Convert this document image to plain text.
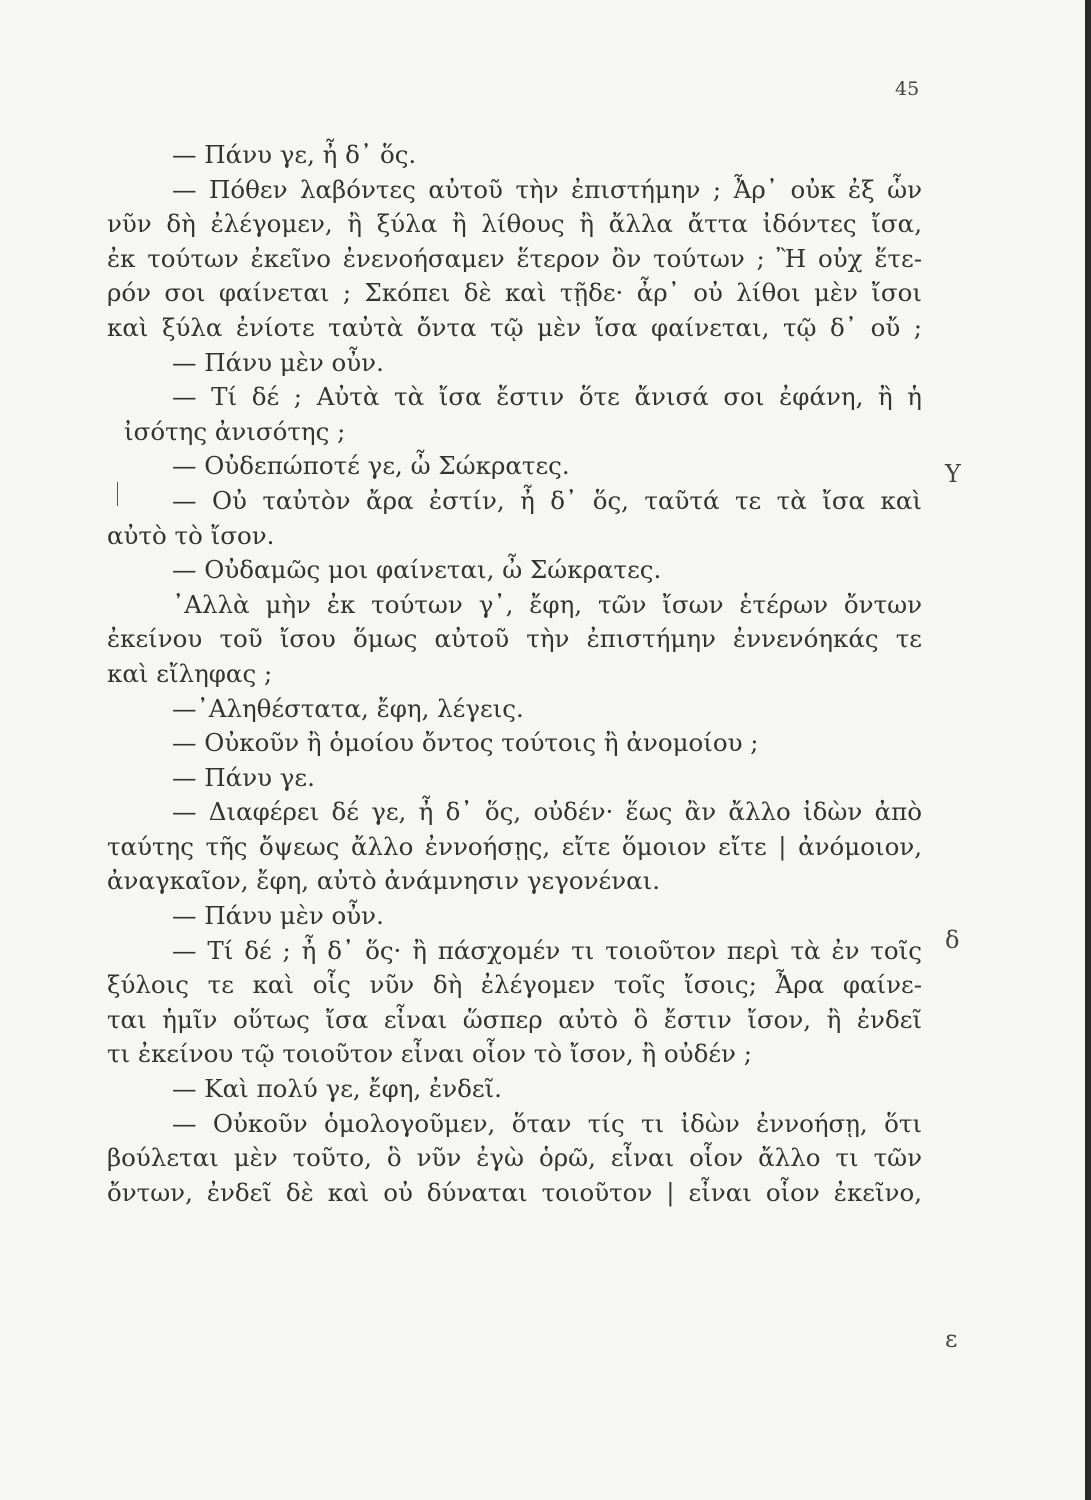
45
— Πάνυ γε, ἦ δ᾽ ὅς.
— Πόθεν λαβόντες αὐτοῦ τὴν ἐπιστήμην ; Ἆρ᾽ οὐκ ἐξ ὧν
νῦν δὴ ἐλέγομεν, ἢ ξύλα ἢ λίθους ἢ ἄλλα ἄττα ἰδόντες ἴσα,
ἐκ τούτων ἐκεῖνο ἐνενοήσαμεν ἕτερον ὂν τούτων ; Ἢ οὐχ ἕτε-
ρόν σοι φαίνεται ; Σκόπει δὲ καὶ τῇδε· ἆρ᾽ οὐ λίθοι μὲν ἴσοι
καὶ ξύλα ἐνίοτε ταὐτὰ ὄντα τῷ μὲν ἴσα φαίνεται, τῷ δ᾽ οὔ ;
— Πάνυ μὲν οὖν.
— Τί δέ ; Αὐτὰ τὰ ἴσα ἔστιν ὅτε ἄνισά σοι ἐφάνη, ἢ ἡ
ἰσότης ἀνισότης ;
— Οὐδεπώποτέ γε, ὦ Σώκρατες.
— Οὐ ταὐτὸν ἄρα ἐστίν, ἦ δ᾽ ὅς, ταῦτά τε τὰ ἴσα καὶ
αὐτὸ τὸ ἴσον.
— Οὐδαμῶς μοι φαίνεται, ὦ Σώκρατες.
᾽Αλλὰ μὴν ἐκ τούτων γ᾽, ἔφη, τῶν ἴσων ἑτέρων ὄντων
ἐκείνου τοῦ ἴσου ὅμως αὐτοῦ τὴν ἐπιστήμην ἐννενόηκάς τε
καὶ εἴληφας ;
—᾽Αληθέστατα, ἔφη, λέγεις.
— Οὐκοῦν ἢ ὁμοίου ὄντος τούτοις ἢ ἀνομοίου ;
— Πάνυ γε.
— Διαφέρει δέ γε, ἦ δ᾽ ὅς, οὐδέν· ἕως ἂν ἄλλο ἰδὼν ἀπὸ
ταύτης τῆς ὄψεως ἄλλο ἐννοήσῃς, εἴτε ὅμοιον εἴτε | ἀνόμοιον,
ἀναγκαῖον, ἔφη, αὐτὸ ἀνάμνησιν γεγονέναι.
— Πάνυ μὲν οὖν.
— Τί δέ ; ἦ δ᾽ ὅς· ἢ πάσχομέν τι τοιοῦτον περὶ τὰ ἐν τοῖς
ξύλοις τε καὶ οἷς νῦν δὴ ἐλέγομεν τοῖς ἴσοις; Ἆρα φαίνε-
ται ἡμῖν οὕτως ἴσα εἶναι ὥσπερ αὐτὸ ὃ ἔστιν ἴσον, ἢ ἐνδεῖ
τι ἐκείνου τῷ τοιοῦτον εἶναι οἷον τὸ ἴσον, ἢ οὐδέν ;
— Καὶ πολύ γε, ἔφη, ἐνδεῖ.
— Οὐκοῦν ὁμολογοῦμεν, ὅταν τίς τι ἰδὼν ἐννοήσῃ, ὅτι
βούλεται μὲν τοῦτο, ὃ νῦν ἐγὼ ὁρῶ, εἶναι οἷον ἄλλο τι τῶν
ὄντων, ἐνδεῖ δὲ καὶ οὐ δύναται τοιοῦτον | εἶναι οἷον ἐκεῖνο,
Y
δ
ε
